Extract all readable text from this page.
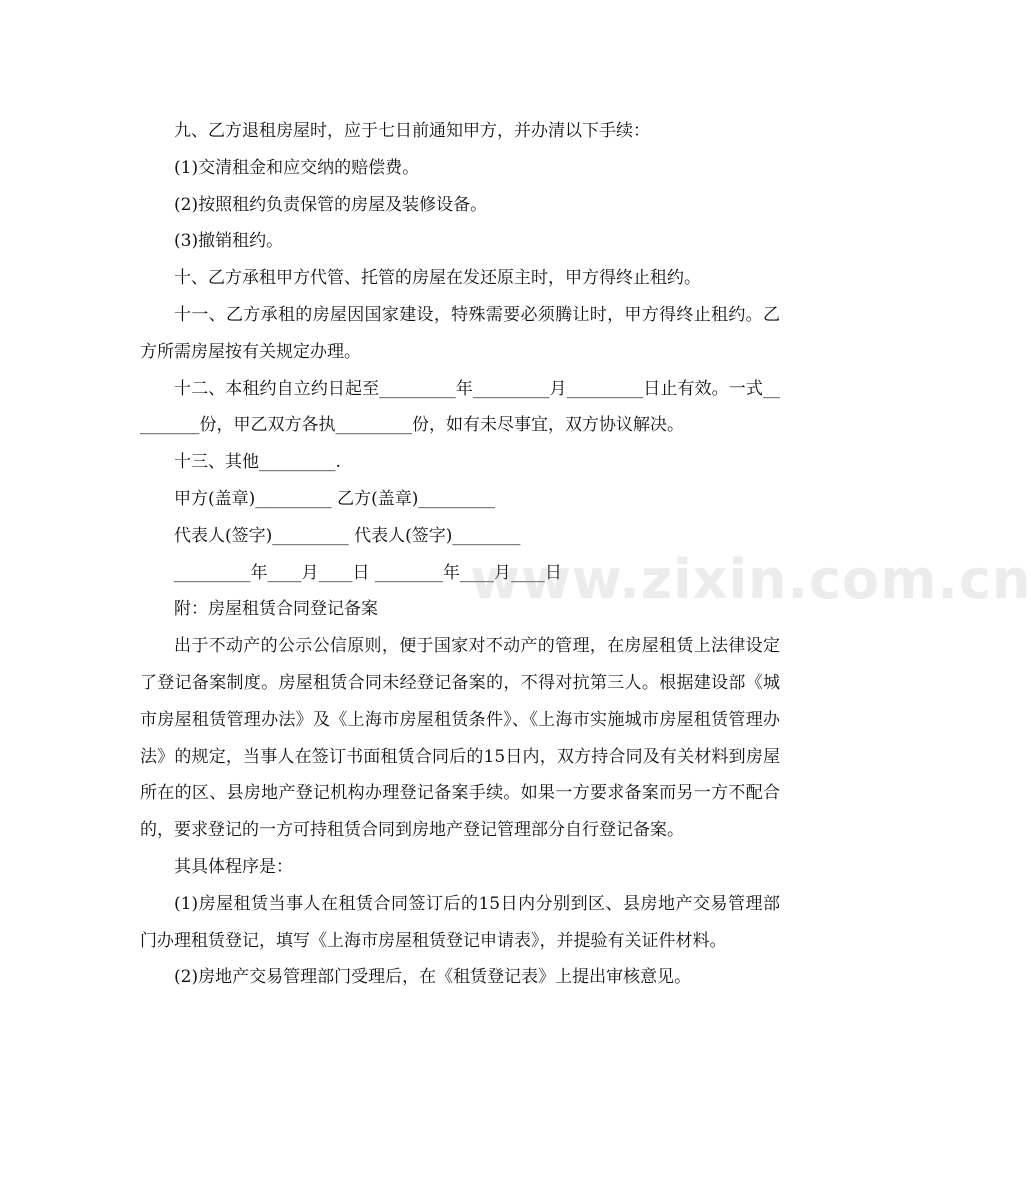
九、乙方退租房屋时，应于七日前通知甲方，并办清以下手续：

(1)交清租金和应交纳的赔偿费。

(2)按照租约负责保管的房屋及装修设备。

(3)撤销租约。

十、乙方承租甲方代管、托管的房屋在发还原主时，甲方得终止租约。

十一、乙方承租的房屋因国家建设，特殊需要必须腾让时，甲方得终止租约。乙方所需房屋按有关规定办理。

十二、本租约自立约日起至_________年_________月_________日止有效。一式_________份，甲乙双方各执_________份，如有未尽事宜，双方协议解决。

十三、其他_________.

甲方(盖章)_________ 乙方(盖章)_________

代表人(签字)_________ 代表人(签字)________

_________年____月____日 ________年____月____日

附：房屋租赁合同登记备案

出于不动产的公示公信原则，便于国家对不动产的管理，在房屋租赁上法律设定了登记备案制度。房屋租赁合同未经登记备案的，不得对抗第三人。根据建设部《城市房屋租赁管理办法》及《上海市房屋租赁条件》、《上海市实施城市房屋租赁管理办法》的规定，当事人在签订书面租赁合同后的15日内，双方持合同及有关材料到房屋所在的区、县房地产登记机构办理登记备案手续。如果一方要求备案而另一方不配合的，要求登记的一方可持租赁合同到房地产登记管理部分自行登记备案。

其具体程序是：

(1)房屋租赁当事人在租赁合同签订后的15日内分别到区、县房地产交易管理部门办理租赁登记，填写《上海市房屋租赁登记申请表》，并提验有关证件材料。

(2)房地产交易管理部门受理后，在《租赁登记表》上提出审核意见。

www.zixin.com.cn
